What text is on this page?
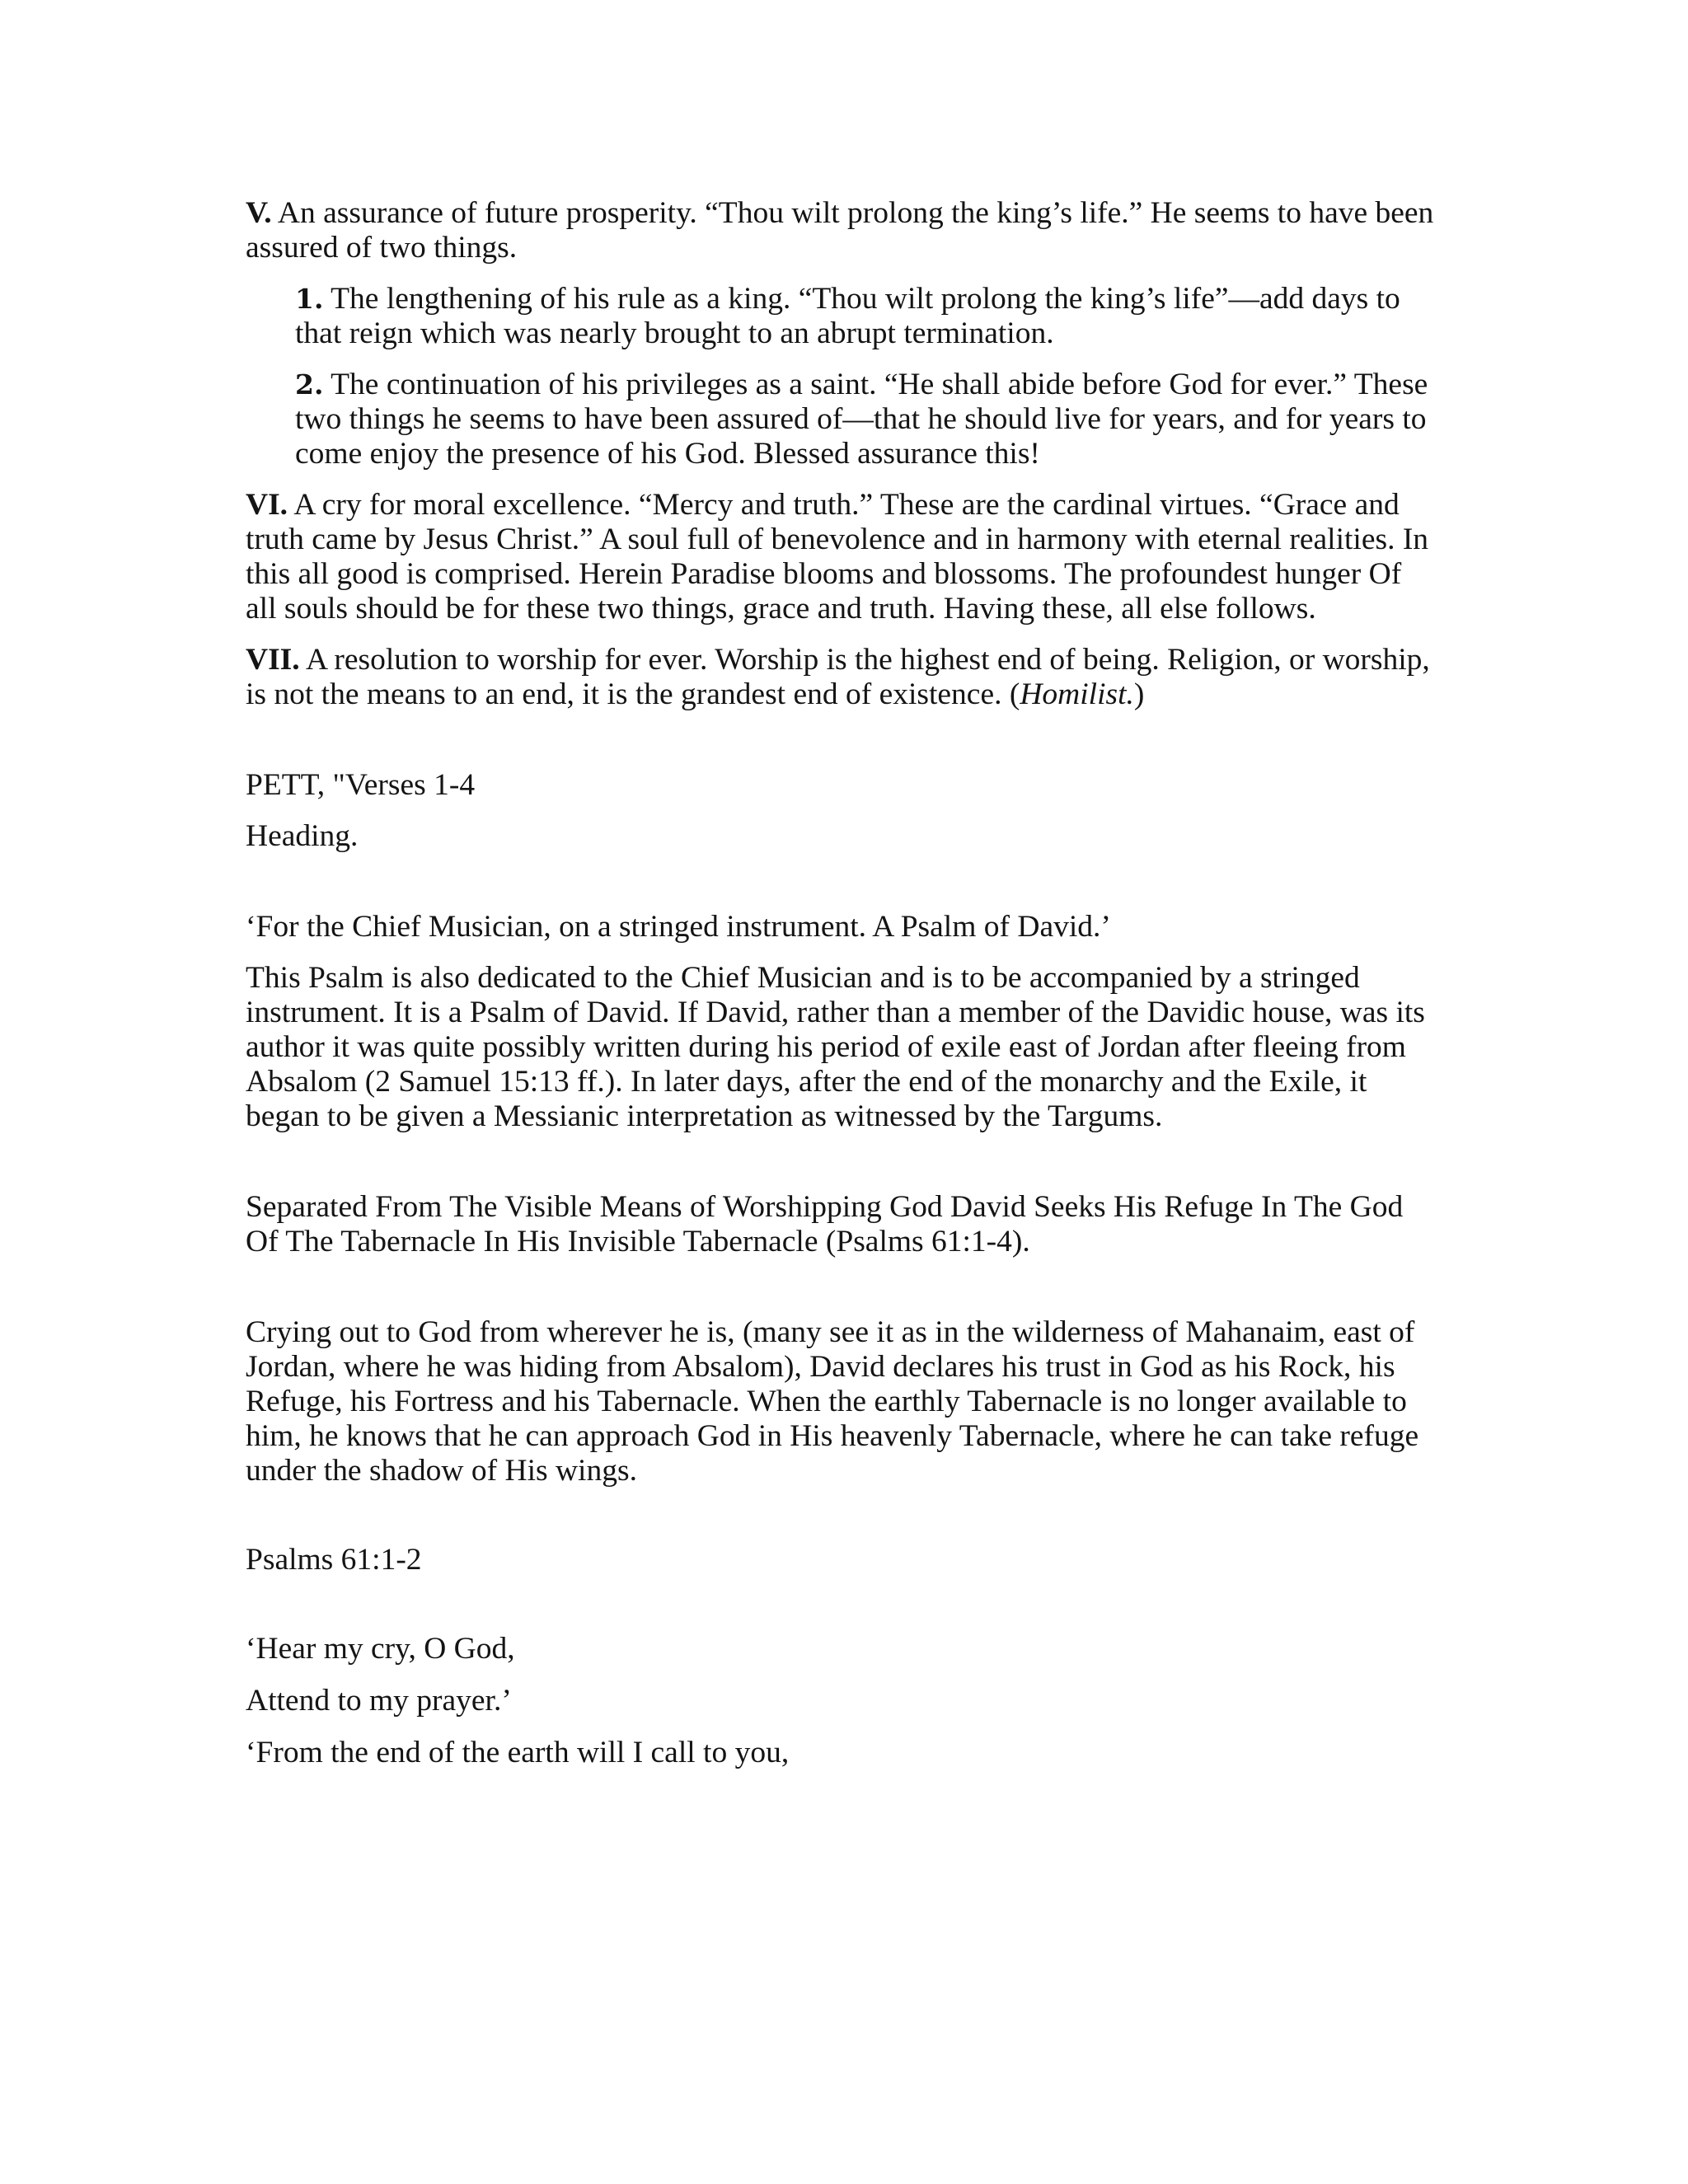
V. An assurance of future prosperity. “Thou wilt prolong the king’s life.” He seems to have been assured of two things.

1. The lengthening of his rule as a king. “Thou wilt prolong the king’s life”—add days to that reign which was nearly brought to an abrupt termination.

2. The continuation of his privileges as a saint. “He shall abide before God for ever.” These two things he seems to have been assured of—that he should live for years, and for years to come enjoy the presence of his God. Blessed assurance this!

VI. A cry for moral excellence. “Mercy and truth.” These are the cardinal virtues. “Grace and truth came by Jesus Christ.” A soul full of benevolence and in harmony with eternal realities. In this all good is comprised. Herein Paradise blooms and blossoms. The profoundest hunger Of all souls should be for these two things, grace and truth. Having these, all else follows.

VII. A resolution to worship for ever. Worship is the highest end of being. Religion, or worship, is not the means to an end, it is the grandest end of existence. (Homilist.)

PETT, "Verses 1-4

Heading.

‘For the Chief Musician, on a stringed instrument. A Psalm of David.’

This Psalm is also dedicated to the Chief Musician and is to be accompanied by a stringed instrument. It is a Psalm of David. If David, rather than a member of the Davidic house, was its author it was quite possibly written during his period of exile east of Jordan after fleeing from Absalom (2 Samuel 15:13 ff.). In later days, after the end of the monarchy and the Exile, it began to be given a Messianic interpretation as witnessed by the Targums.

Separated From The Visible Means of Worshipping God David Seeks His Refuge In The God Of The Tabernacle In His Invisible Tabernacle (Psalms 61:1-4).

Crying out to God from wherever he is, (many see it as in the wilderness of Mahanaim, east of Jordan, where he was hiding from Absalom), David declares his trust in God as his Rock, his Refuge, his Fortress and his Tabernacle. When the earthly Tabernacle is no longer available to him, he knows that he can approach God in His heavenly Tabernacle, where he can take refuge under the shadow of His wings.

Psalms 61:1-2

‘Hear my cry, O God,

Attend to my prayer.’

‘From the end of the earth will I call to you,
